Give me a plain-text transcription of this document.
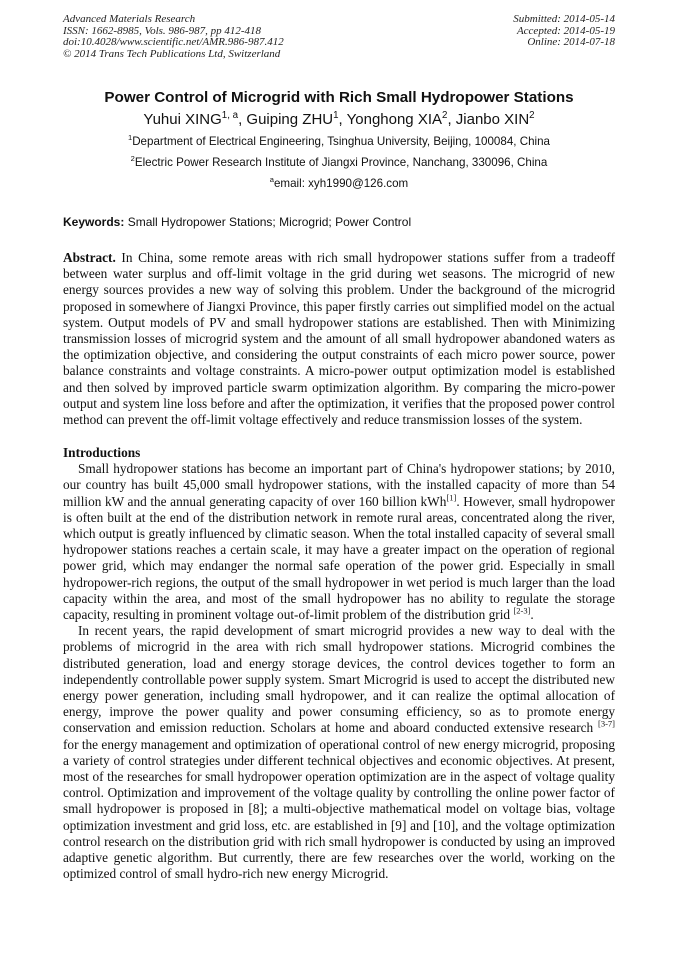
Advanced Materials Research
ISSN: 1662-8985, Vols. 986-987, pp 412-418
doi:10.4028/www.scientific.net/AMR.986-987.412
© 2014 Trans Tech Publications Ltd, Switzerland
Submitted: 2014-05-14
Accepted: 2014-05-19
Online: 2014-07-18
Power Control of Microgrid with Rich Small Hydropower Stations
Yuhui XING$^{1, a}$, Guiping ZHU$^1$, Yonghong XIA$^2$, Jianbo XIN$^2$
$^1$Department of Electrical Engineering, Tsinghua University, Beijing, 100084, China
$^2$Electric Power Research Institute of Jiangxi Province, Nanchang, 330096, China
$^a$email: xyh1990@126.com
Keywords: Small Hydropower Stations; Microgrid; Power Control
Abstract. In China, some remote areas with rich small hydropower stations suffer from a tradeoff between water surplus and off-limit voltage in the grid during wet seasons. The microgrid of new energy sources provides a new way of solving this problem. Under the background of the microgrid proposed in somewhere of Jiangxi Province, this paper firstly carries out simplified model on the actual system. Output models of PV and small hydropower stations are established. Then with Minimizing transmission losses of microgrid system and the amount of all small hydropower abandoned waters as the optimization objective, and considering the output constraints of each micro power source, power balance constraints and voltage constraints. A micro-power output optimization model is established and then solved by improved particle swarm optimization algorithm. By comparing the micro-power output and system line loss before and after the optimization, it verifies that the proposed power control method can prevent the off-limit voltage effectively and reduce transmission losses of the system.
Introductions

Small hydropower stations has become an important part of China's hydropower stations; by 2010, our country has built 45,000 small hydropower stations, with the installed capacity of more than 54 million kW and the annual generating capacity of over 160 billion kWh[1]. However, small hydropower is often built at the end of the distribution network in remote rural areas, concentrated along the river, which output is greatly influenced by climatic season. When the total installed capacity of several small hydropower stations reaches a certain scale, it may have a greater impact on the operation of regional power grid, which may endanger the normal safe operation of the power grid. Especially in small hydropower-rich regions, the output of the small hydropower in wet period is much larger than the load capacity within the area, and most of the small hydropower has no ability to regulate the storage capacity, resulting in prominent voltage out-of-limit problem of the distribution grid [2-3].

In recent years, the rapid development of smart microgrid provides a new way to deal with the problems of microgrid in the area with rich small hydropower stations. Microgrid combines the distributed generation, load and energy storage devices, the control devices together to form an independently controllable power supply system. Smart Microgrid is used to accept the distributed new energy power generation, including small hydropower, and it can realize the optimal allocation of energy, improve the power quality and power consuming efficiency, so as to promote energy conservation and emission reduction. Scholars at home and aboard conducted extensive research [3-7] for the energy management and optimization of operational control of new energy microgrid, proposing a variety of control strategies under different technical objectives and economic objectives. At present, most of the researches for small hydropower operation optimization are in the aspect of voltage quality control. Optimization and improvement of the voltage quality by controlling the online power factor of small hydropower is proposed in [8]; a multi-objective mathematical model on voltage bias, voltage optimization investment and grid loss, etc. are established in [9] and [10], and the voltage optimization control research on the distribution grid with rich small hydropower is conducted by using an improved adaptive genetic algorithm. But currently, there are few researches over the world, working on the optimized control of small hydro-rich new energy Microgrid.
